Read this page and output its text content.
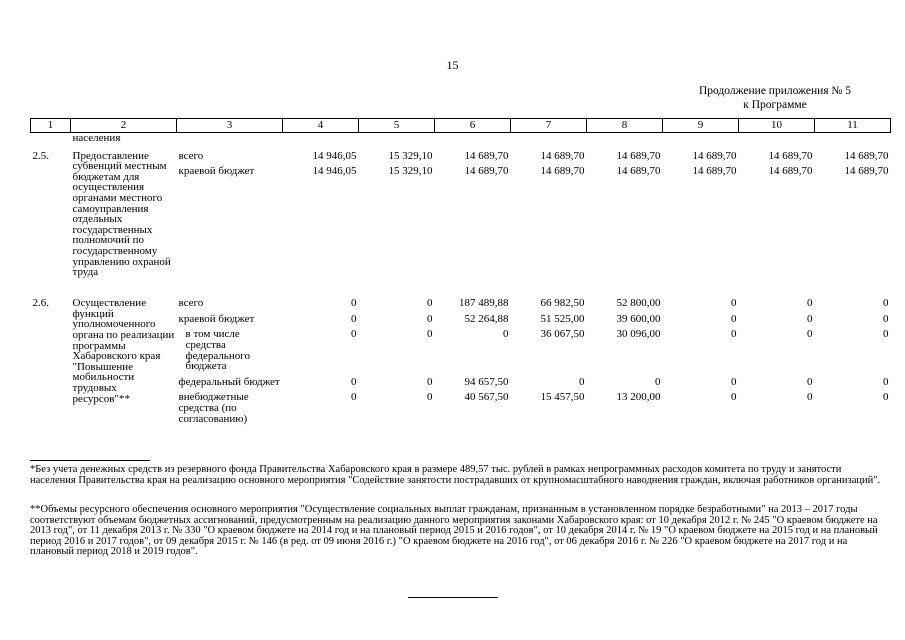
15
Продолжение приложения № 5
к Программе
1	2	3	4	5	6	7	8	9	10	11
	населения									
2.5.	Предоставление субвенций местным бюджетам для осуществления органами местного самоуправления отдельных государственных полномочий по государственному управлению охраной труда	всего	14 946,05	15 329,10	14 689,70	14 689,70	14 689,70	14 689,70	14 689,70	14 689,70
		краевой бюджет	14 946,05	15 329,10	14 689,70	14 689,70	14 689,70	14 689,70	14 689,70	14 689,70
2.6.	Осуществление функций уполномоченного органа по реализации программы Хабаровского края "Повышение мобильности трудовых ресурсов"**	всего	0	0	187 489,88	66 982,50	52 800,00	0	0	0
		краевой бюджет	0	0	52 264,88	51 525,00	39 600,00	0	0	0
		в том числе средства федерального бюджета	0	0	0	36 067,50	30 096,00	0	0	0
		федеральный бюджет	0	0	94 657,50	0	0	0	0	0
		внебюджетные средства (по согласованию)	0	0	40 567,50	15 457,50	13 200,00	0	0	0
*Без учета денежных средств из резервного фонда Правительства Хабаровского края в размере 489,57 тыс. рублей в рамках непрограммных расходов комитета по труду и занятости населения Правительства края на реализацию основного мероприятия "Содействие занятости пострадавших от крупномасштабного наводнения граждан, включая работников организаций".
**Объемы ресурсного обеспечения основного мероприятия "Осуществление социальных выплат гражданам, признанным в установленном порядке безработными" на 2013 – 2017 годы соответствуют объемам бюджетных ассигнований, предусмотренным на реализацию данного мероприятия законами Хабаровского края: от 10 декабря 2012 г. № 245 "О краевом бюджете на 2013 год", от 11 декабря 2013 г. № 330 "О краевом бюджете на 2014 год и на плановый период 2015 и 2016 годов", от 10 декабря 2014 г. № 19 "О краевом бюджете на 2015 год и на плановый период 2016 и 2017 годов", от 09 декабря 2015 г. № 146 (в ред. от 09 июня 2016 г.) "О краевом бюджете на 2016 год", от 06 декабря 2016 г. № 226 "О краевом бюджете на 2017 год и на плановый период 2018 и 2019 годов".
